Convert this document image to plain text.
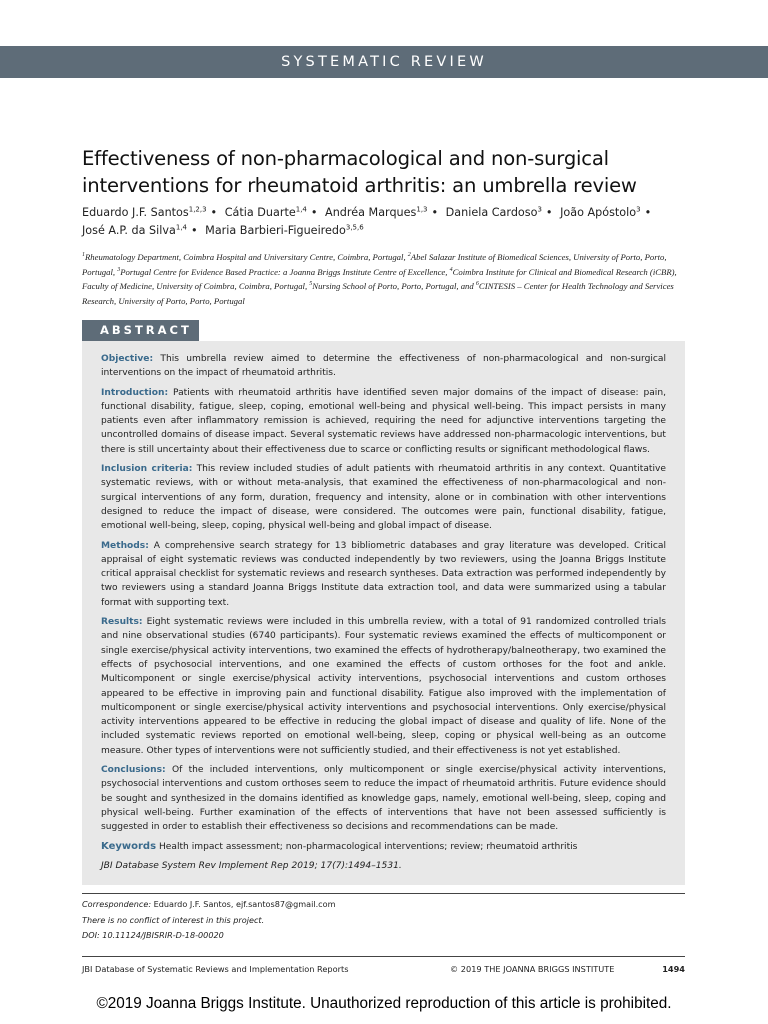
SYSTEMATIC REVIEW
Effectiveness of non-pharmacological and non-surgical interventions for rheumatoid arthritis: an umbrella review
Eduardo J.F. Santos$^{1,2,3}$ • Cátia Duarte$^{1,4}$ • Andréa Marques$^{1,3}$ • Daniela Cardoso$^3$ • João Apóstolo$^3$ •
José A.P. da Silva$^{1,4}$ • Maria Barbieri-Figueiredo$^{3,5,6}$
$^1$Rheumatology Department, Coimbra Hospital and Universitary Centre, Coimbra, Portugal, $^2$Abel Salazar Institute of Biomedical Sciences, University of Porto, Porto, Portugal, $^3$Portugal Centre for Evidence Based Practice: a Joanna Briggs Institute Centre of Excellence, $^4$Coimbra Institute for Clinical and Biomedical Research (iCBR), Faculty of Medicine, University of Coimbra, Coimbra, Portugal, $^5$Nursing School of Porto, Porto, Portugal, and $^6$CINTESIS – Center for Health Technology and Services Research, University of Porto, Porto, Portugal
ABSTRACT

Objective: This umbrella review aimed to determine the effectiveness of non-pharmacological and non-surgical interventions on the impact of rheumatoid arthritis.

Introduction: Patients with rheumatoid arthritis have identified seven major domains of the impact of disease: pain, functional disability, fatigue, sleep, coping, emotional well-being and physical well-being. This impact persists in many patients even after inflammatory remission is achieved, requiring the need for adjunctive interventions targeting the uncontrolled domains of disease impact. Several systematic reviews have addressed non-pharmacologic interventions, but there is still uncertainty about their effectiveness due to scarce or conflicting results or significant methodological flaws.

Inclusion criteria: This review included studies of adult patients with rheumatoid arthritis in any context. Quantitative systematic reviews, with or without meta-analysis, that examined the effectiveness of non-pharmacological and non-surgical interventions of any form, duration, frequency and intensity, alone or in combination with other interventions designed to reduce the impact of disease, were considered. The outcomes were pain, functional disability, fatigue, emotional well-being, sleep, coping, physical well-being and global impact of disease.

Methods: A comprehensive search strategy for 13 bibliometric databases and gray literature was developed. Critical appraisal of eight systematic reviews was conducted independently by two reviewers, using the Joanna Briggs Institute critical appraisal checklist for systematic reviews and research syntheses. Data extraction was performed independently by two reviewers using a standard Joanna Briggs Institute data extraction tool, and data were summarized using a tabular format with supporting text.

Results: Eight systematic reviews were included in this umbrella review, with a total of 91 randomized controlled trials and nine observational studies (6740 participants). Four systematic reviews examined the effects of multicomponent or single exercise/physical activity interventions, two examined the effects of hydrotherapy/balneotherapy, two examined the effects of psychosocial interventions, and one examined the effects of custom orthoses for the foot and ankle. Multicomponent or single exercise/physical activity interventions, psychosocial interventions and custom orthoses appeared to be effective in improving pain and functional disability. Fatigue also improved with the implementation of multicomponent or single exercise/physical activity interventions and psychosocial interventions. Only exercise/physical activity interventions appeared to be effective in reducing the global impact of disease and quality of life. None of the included systematic reviews reported on emotional well-being, sleep, coping or physical well-being as an outcome measure. Other types of interventions were not sufficiently studied, and their effectiveness is not yet established.

Conclusions: Of the included interventions, only multicomponent or single exercise/physical activity interventions, psychosocial interventions and custom orthoses seem to reduce the impact of rheumatoid arthritis. Future evidence should be sought and synthesized in the domains identified as knowledge gaps, namely, emotional well-being, sleep, coping and physical well-being. Further examination of the effects of interventions that have not been assessed sufficiently is suggested in order to establish their effectiveness so decisions and recommendations can be made.

Keywords Health impact assessment; non-pharmacological interventions; review; rheumatoid arthritis

JBI Database System Rev Implement Rep 2019; 17(7):1494–1531.

Correspondence: Eduardo J.F. Santos, ejf.santos87@gmail.com
There is no conflict of interest in this project.
DOI: 10.11124/JBISRIR-D-18-00020
JBI Database of Systematic Reviews and Implementation Reports	© 2019 THE JOANNA BRIGGS INSTITUTE	1494
©2019 Joanna Briggs Institute. Unauthorized reproduction of this article is prohibited.
